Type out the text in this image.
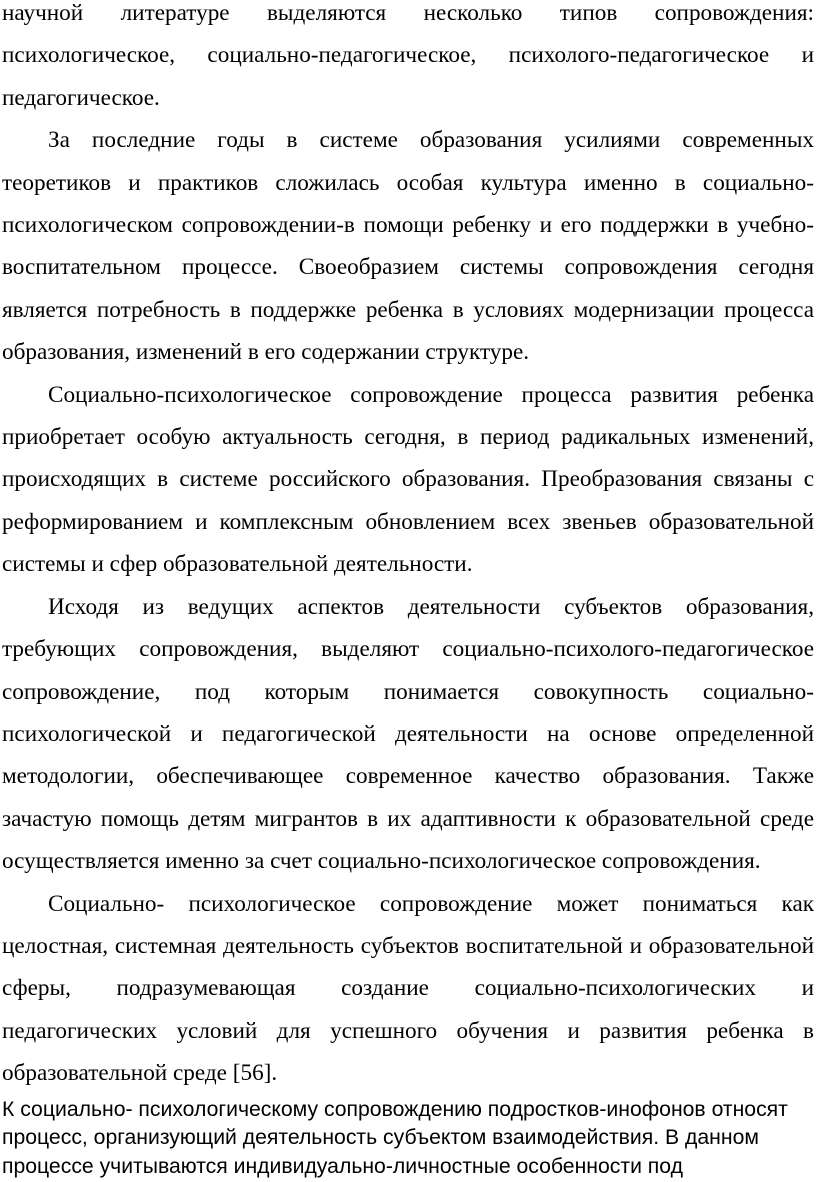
научной литературе выделяются несколько типов сопровождения: психологическое, социально-педагогическое, психолого-педагогическое и педагогическое.

За последние годы в системе образования усилиями современных теоретиков и практиков сложилась особая культура именно в социально-психологическом сопровождении-в помощи ребенку и его поддержки в учебно-воспитательном процессе. Своеобразием системы сопровождения сегодня является потребность в поддержке ребенка в условиях модернизации процесса образования, изменений в его содержании структуре.

Социально-психологическое сопровождение процесса развития ребенка приобретает особую актуальность сегодня, в период радикальных изменений, происходящих в системе российского образования. Преобразования связаны с реформированием и комплексным обновлением всех звеньев образовательной системы и сфер образовательной деятельности.

Исходя из ведущих аспектов деятельности субъектов образования, требующих сопровождения, выделяют социально-психолого-педагогическое сопровождение, под которым понимается совокупность социально-психологической и педагогической деятельности на основе определенной методологии, обеспечивающее современное качество образования. Также зачастую помощь детям мигрантов в их адаптивности к образовательной среде осуществляется именно за счет социально-психологическое сопровождения.

Социально- психологическое сопровождение может пониматься как целостная, системная деятельность субъектов воспитательной и образовательной сферы, подразумевающая создание социально-психологических и педагогических условий для успешного обучения и развития ребенка в образовательной среде [56].

К социально- психологическому сопровождению подростков-инофонов относят процесс, организующий деятельность субъектом взаимодействия. В данном процессе учитываются индивидуально-личностные особенности под
